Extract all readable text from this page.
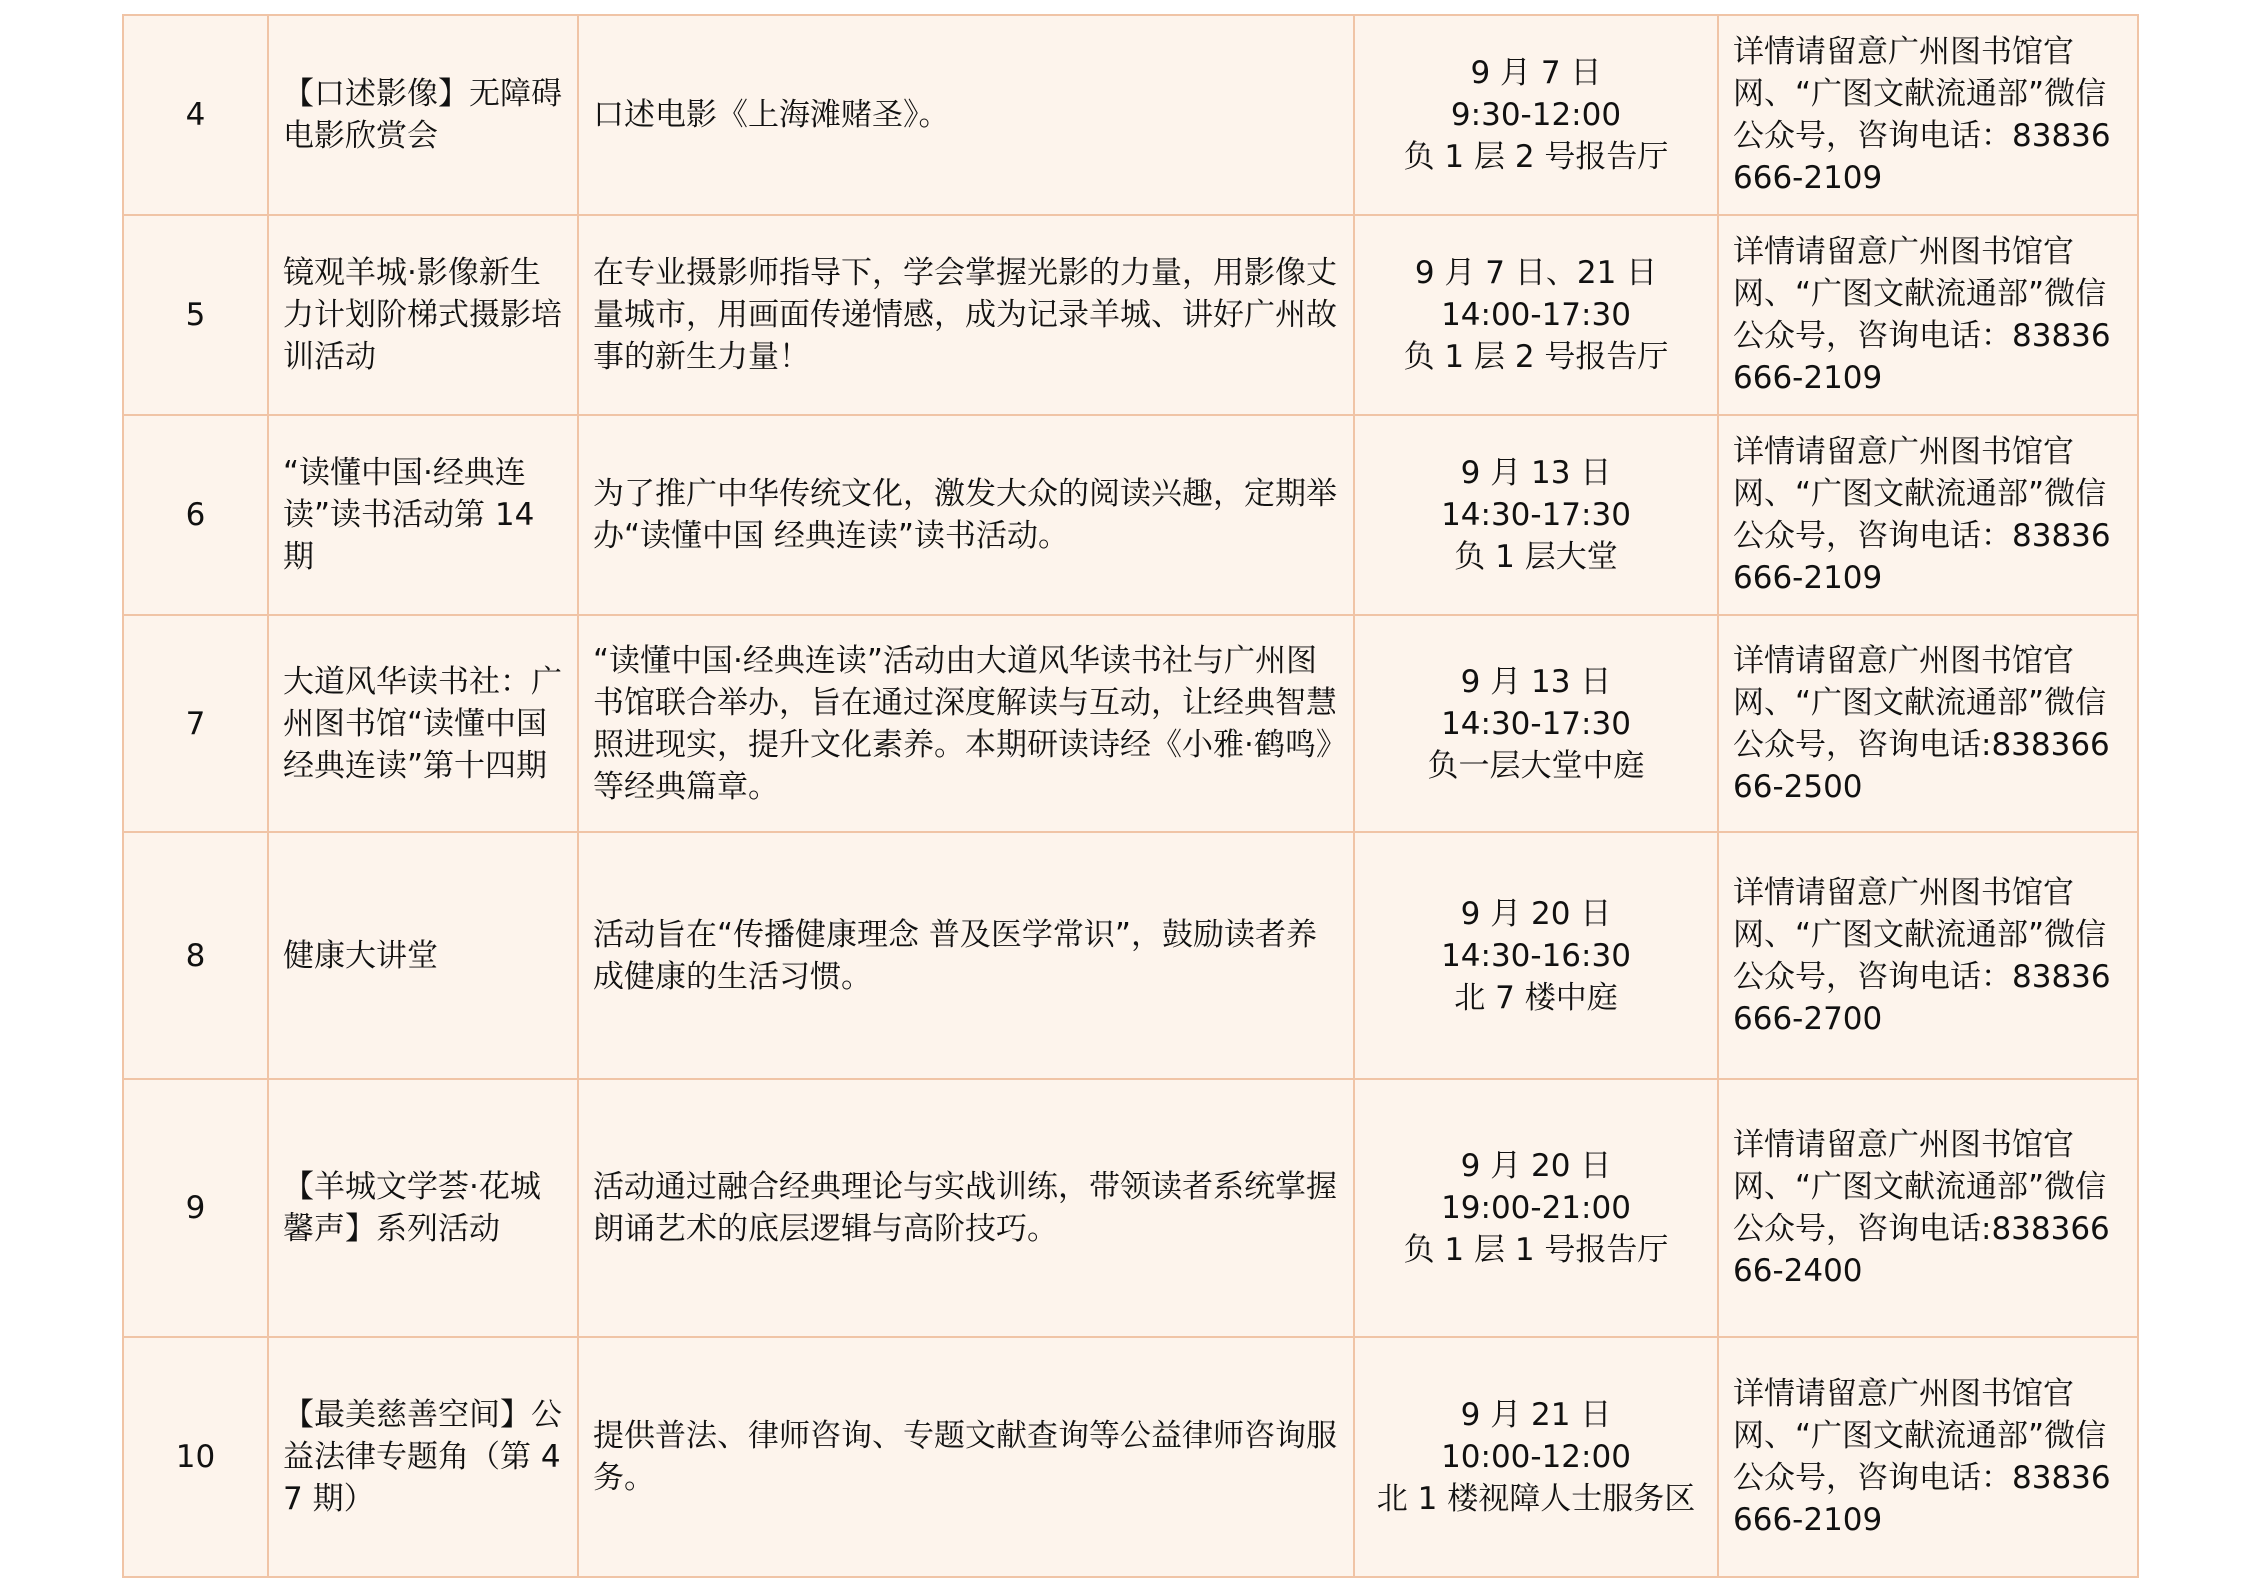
4	【口述影像】无障碍电影欣赏会	口述电影《上海滩赌圣》。	9 月 7 日
9:30-12:00
负 1 层 2 号报告厅	详情请留意广州图书馆官网、“广图文献流通部”微信公众号，咨询电话：83836666-2109

5	镜观羊城·影像新生力计划阶梯式摄影培训活动	在专业摄影师指导下，学会掌握光影的力量，用影像丈量城市，用画面传递情感，成为记录羊城、讲好广州故事的新生力量！	9 月 7 日、21 日
14:00-17:30
负 1 层 2 号报告厅	详情请留意广州图书馆官网、“广图文献流通部”微信公众号，咨询电话：83836666-2109

6	“读懂中国·经典连读”读书活动第 14 期	为了推广中华传统文化，激发大众的阅读兴趣，定期举办“读懂中国 经典连读”读书活动。	9 月 13 日
14:30-17:30
负 1 层大堂	详情请留意广州图书馆官网、“广图文献流通部”微信公众号，咨询电话：83836666-2109

7	大道风华读书社：广州图书馆“读懂中国经典连读”第十四期	“读懂中国·经典连读”活动由大道风华读书社与广州图书馆联合举办，旨在通过深度解读与互动，让经典智慧照进现实，提升文化素养。本期研读诗经《小雅·鹤鸣》等经典篇章。	9 月 13 日
14:30-17:30
负一层大堂中庭	详情请留意广州图书馆官网、“广图文献流通部”微信公众号，咨询电话:83836666-2500

8	健康大讲堂	活动旨在“传播健康理念 普及医学常识”，鼓励读者养成健康的生活习惯。	9 月 20 日
14:30-16:30
北 7 楼中庭	详情请留意广州图书馆官网、“广图文献流通部”微信公众号，咨询电话：83836666-2700

9	【羊城文学荟·花城馨声】系列活动	活动通过融合经典理论与实战训练，带领读者系统掌握朗诵艺术的底层逻辑与高阶技巧。	9 月 20 日
19:00-21:00
负 1 层 1 号报告厅	详情请留意广州图书馆官网、“广图文献流通部”微信公众号，咨询电话:83836666-2400

10	【最美慈善空间】公益法律专题角（第 47 期）	提供普法、律师咨询、专题文献查询等公益律师咨询服务。	9 月 21 日
10:00-12:00
北 1 楼视障人士服务区	详情请留意广州图书馆官网、“广图文献流通部”微信公众号，咨询电话：83836666-2109
